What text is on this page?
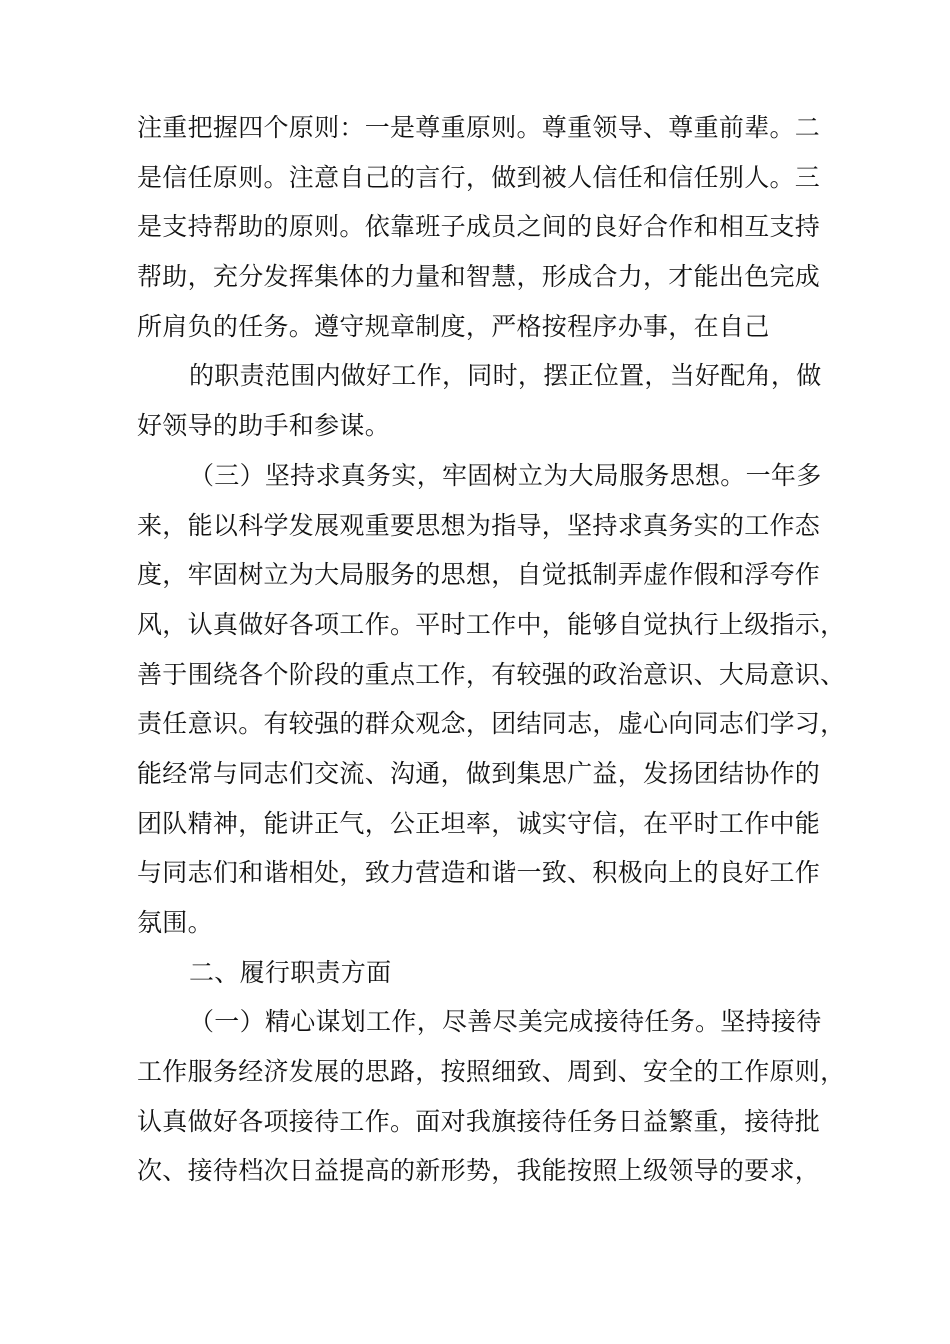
注重把握四个原则：一是尊重原则。尊重领导、尊重前辈。二
是信任原则。注意自己的言行，做到被人信任和信任别人。三
是支持帮助的原则。依靠班子成员之间的良好合作和相互支持
帮助，充分发挥集体的力量和智慧，形成合力，才能出色完成
所肩负的任务。遵守规章制度，严格按程序办事，在自己
的职责范围内做好工作，同时，摆正位置，当好配角，做
好领导的助手和参谋。
（三）坚持求真务实，牢固树立为大局服务思想。一年多
来，能以科学发展观重要思想为指导，坚持求真务实的工作态
度，牢固树立为大局服务的思想，自觉抵制弄虚作假和浮夸作
风，认真做好各项工作。平时工作中，能够自觉执行上级指示，
善于围绕各个阶段的重点工作，有较强的政治意识、大局意识、
责任意识。有较强的群众观念，团结同志，虚心向同志们学习，
能经常与同志们交流、沟通，做到集思广益，发扬团结协作的
团队精神，能讲正气，公正坦率，诚实守信，在平时工作中能
与同志们和谐相处，致力营造和谐一致、积极向上的良好工作
氛围。
二、履行职责方面
（一）精心谋划工作，尽善尽美完成接待任务。坚持接待
工作服务经济发展的思路，按照细致、周到、安全的工作原则，
认真做好各项接待工作。面对我旗接待任务日益繁重，接待批
次、接待档次日益提高的新形势，我能按照上级领导的要求，
